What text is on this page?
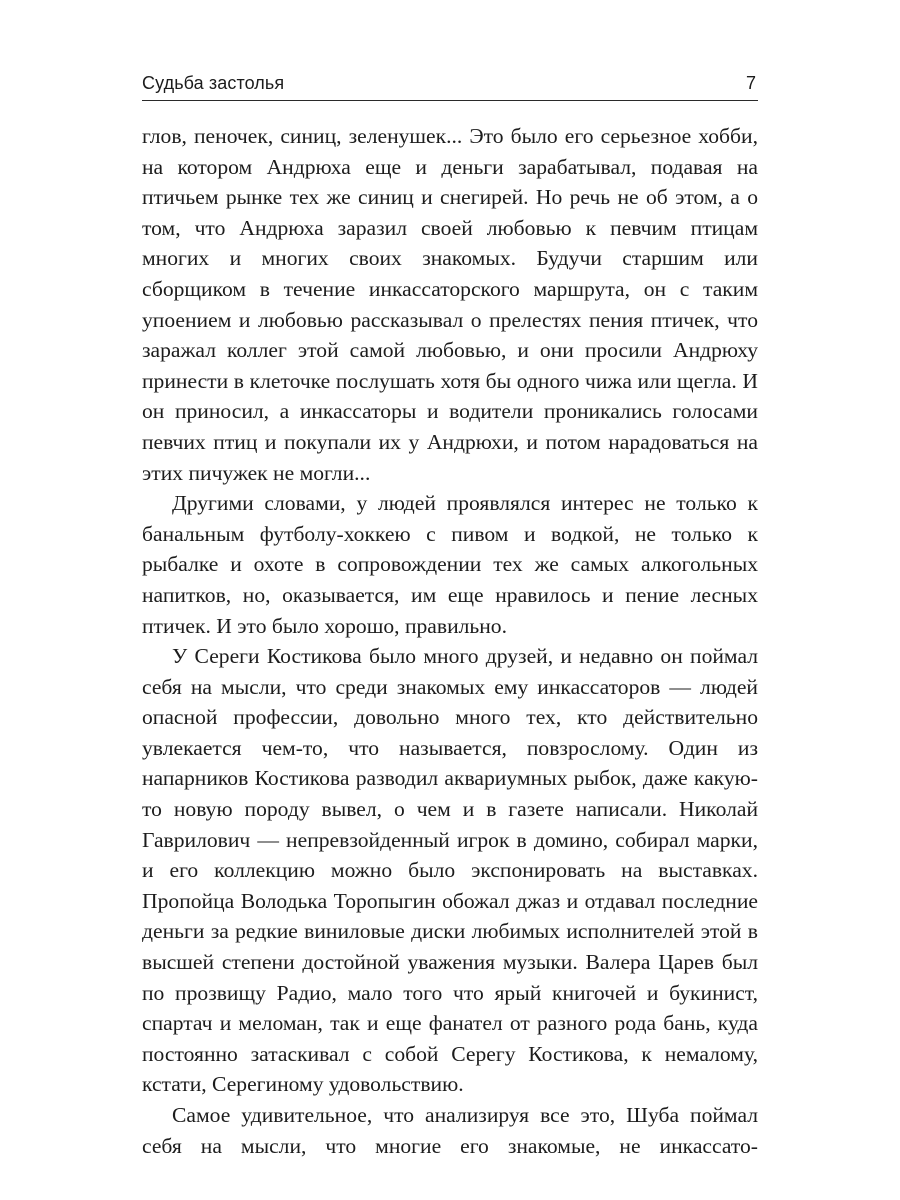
Судьба застолья	7

глов, пеночек, синиц, зеленушек... Это было его серьезное хобби, на котором Андрюха еще и деньги зарабатывал, подавая на птичьем рынке тех же синиц и снегирей. Но речь не об этом, а о том, что Андрюха заразил своей любовью к певчим птицам многих и многих своих знакомых. Будучи старшим или сборщиком в течение инкассаторского маршрута, он с таким упоением и любовью рассказывал о прелестях пения птичек, что заражал коллег этой самой любовью, и они просили Андрюху принести в клеточке послушать хотя бы одного чижа или щегла. И он приносил, а инкассаторы и водители проникались голосами певчих птиц и покупали их у Андрюхи, и потом нарадоваться на этих пичужек не могли...

Другими словами, у людей проявлялся интерес не только к банальным футболу-хоккею с пивом и водкой, не только к рыбалке и охоте в сопровождении тех же самых алкогольных напитков, но, оказывается, им еще нравилось и пение лесных птичек. И это было хорошо, правильно.

У Сереги Костикова было много друзей, и недавно он поймал себя на мысли, что среди знакомых ему инкассаторов — людей опасной профессии, довольно много тех, кто действительно увлекается чем-то, что называется, повзрослому. Один из напарников Костикова разводил аквариумных рыбок, даже какую-то новую породу вывел, о чем и в газете написали. Николай Гаврилович — непревзойденный игрок в домино, собирал марки, и его коллекцию можно было экспонировать на выставках. Пропойца Володька Торопыгин обожал джаз и отдавал последние деньги за редкие виниловые диски любимых исполнителей этой в высшей степени достойной уважения музыки. Валера Царев был по прозвищу Радио, мало того что ярый книгочей и букинист, спартач и меломан, так и еще фанател от разного рода бань, куда постоянно затаскивал с собой Серегу Костикова, к немалому, кстати, Серегиному удовольствию.

Самое удивительное, что анализируя все это, Шуба поймал себя на мысли, что многие его знакомые, не инкассато-
